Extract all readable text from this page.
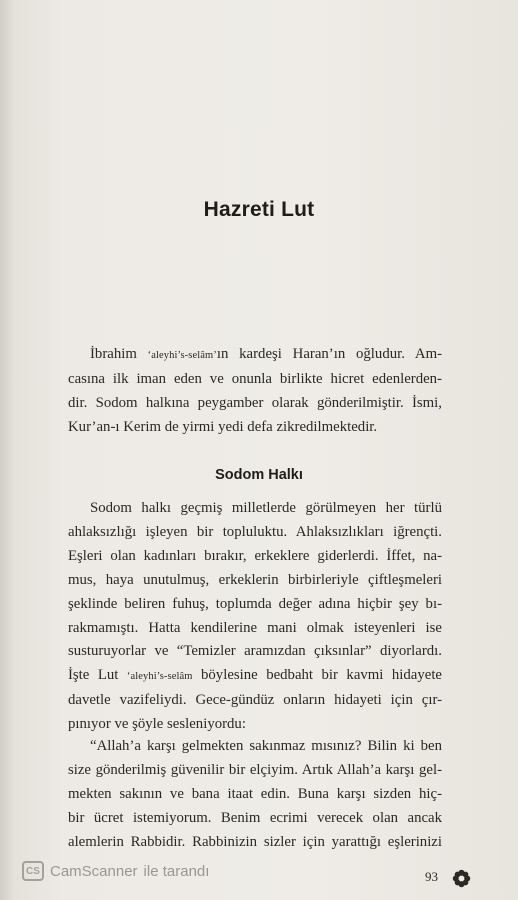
Hazreti Lut
İbrahim ‘aleyhi’s-selâm’ın kardeşi Haran’ın oğludur. Am-
casına ilk iman eden ve onunla birlikte hicret edenlerden-
dir. Sodom halkına peygamber olarak gönderilmiştir. İsmi,
Kur’an-ı Kerim de yirmi yedi defa zikredilmektedir.
Sodom Halkı
Sodom halkı geçmiş milletlerde görülmeyen her türlü
ahlaksızlığı işleyen bir topluluktu. Ahlaksızlıkları iğrençti.
Eşleri olan kadınları bırakır, erkeklere giderlerdi. İffet, na-
mus, haya unutulmuş, erkeklerin birbirleriyle çiftleşmeleri
şeklinde beliren fuhuş, toplumda değer adına hiçbir şey bı-
rakmamıştı. Hatta kendilerine mani olmak isteyenleri ise
susturuyorlar ve “Temizler aramızdan çıksınlar” diyorlardı.
İşte Lut ‘aleyhi’s-selâm böylesine bedbaht bir kavmi hidayete
davetle vazifeliydi. Gece-gündüz onların hidayeti için çır-
pınıyor ve şöyle sesleniyordu:
“Allah’a karşı gelmekten sakınmaz mısınız? Bilin ki ben
size gönderilmiş güvenilir bir elçiyim. Artık Allah’a karşı gel-
mekten sakının ve bana itaat edin. Buna karşı sizden hiç-
bir ücret istemiyorum. Benim ecrimi verecek olan ancak
alemlerin Rabbidir. Rabbinizin sizler için yarattığı eşlerinizi
CS CamScanner ile tarandı	93
